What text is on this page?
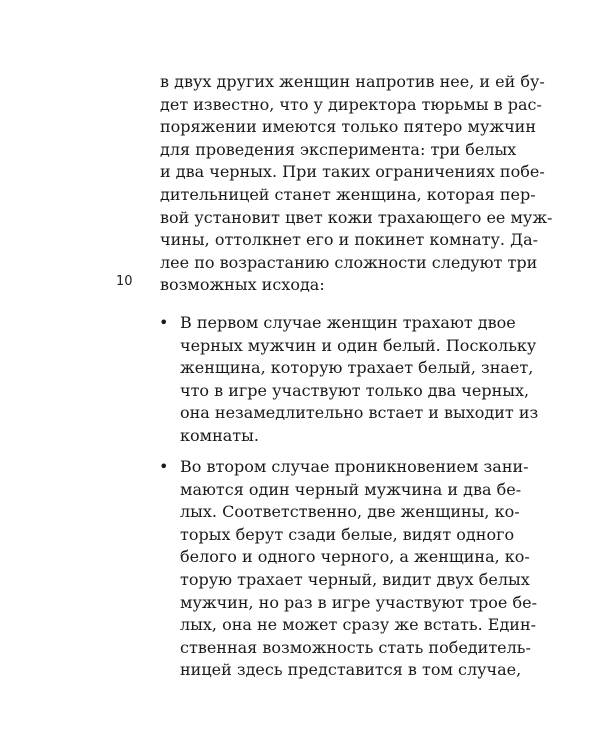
10
в двух других женщин напротив нее, и ей бу-
дет известно, что у директора тюрьмы в рас-
поряжении имеются только пятеро мужчин
для проведения эксперимента: три белых
и два черных. При таких ограничениях побе-
дительницей станет женщина, которая пер-
вой установит цвет кожи трахающего ее муж-
чины, оттолкнет его и покинет комнату. Да-
лее по возрастанию сложности следуют три
возможных исхода:
• В первом случае женщин трахают двое
черных мужчин и один белый. Поскольку
женщина, которую трахает белый, знает,
что в игре участвуют только два черных,
она незамедлительно встает и выходит из
комнаты.
• Во втором случае проникновением зани-
маются один черный мужчина и два бе-
лых. Соответственно, две женщины, ко-
торых берут сзади белые, видят одного
белого и одного черного, а женщина, ко-
торую трахает черный, видит двух белых
мужчин, но раз в игре участвуют трое бе-
лых, она не может сразу же встать. Един-
ственная возможность стать победитель-
ницей здесь представится в том случае,
